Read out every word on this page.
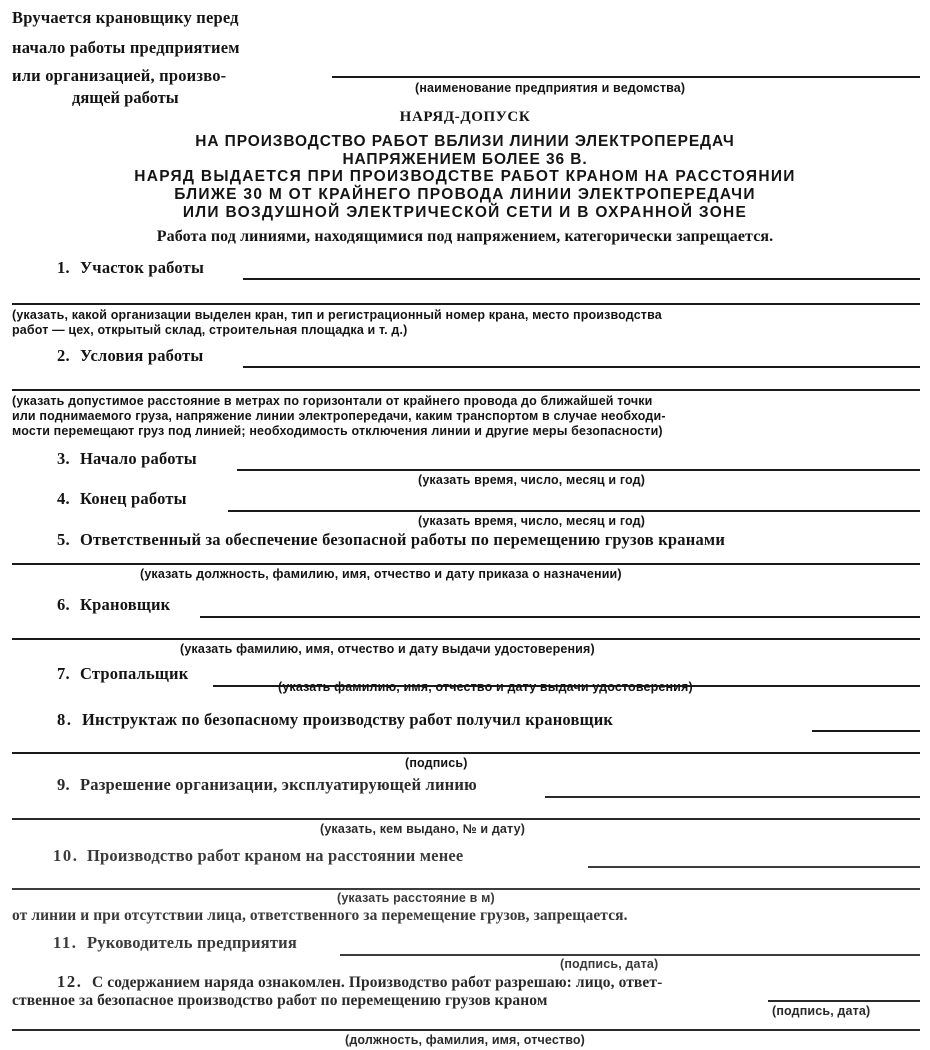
Вручается крановщику перед
начало работы предприятием
или организацией, произво-
дящей работы	(наименование предприятия и ведомства)
НАРЯД-ДОПУСК
НА ПРОИЗВОДСТВО РАБОТ ВБЛИЗИ ЛИНИИ ЭЛЕКТРОПЕРЕДАЧ
НАПРЯЖЕНИЕМ БОЛЕЕ 36 В.
НАРЯД ВЫДАЕТСЯ ПРИ ПРОИЗВОДСТВЕ РАБОТ КРАНОМ НА РАССТОЯНИИ
БЛИЖЕ 30 М ОТ КРАЙНЕГО ПРОВОДА ЛИНИИ ЭЛЕКТРОПЕРЕДАЧИ
ИЛИ ВОЗДУШНОЙ ЭЛЕКТРИЧЕСКОЙ СЕТИ И В ОХРАННОЙ ЗОНЕ
Работа под линиями, находящимися под напряжением, категорически запрещается.
1. Участок работы
(указать, какой организации выделен кран, тип и регистрационный номер крана, место производства
работ — цех, открытый склад, строительная площадка и т. д.)
2. Условия работы
(указать допустимое расстояние в метрах по горизонтали от крайнего провода до ближайшей точки
или поднимаемого груза, напряжение линии электропередачи, каким транспортом в случае необходи-
мости перемещают груз под линией; необходимость отключения линии и другие меры безопасности)
3. Начало работы
(указать время, число, месяц и год)
4. Конец работы
(указать время, число, месяц и год)
5. Ответственный за обеспечение безопасной работы по перемещению грузов кранами
(указать должность, фамилию, имя, отчество и дату приказа о назначении)
6. Крановщик
(указать фамилию, имя, отчество и дату выдачи удостоверения)
7. Стропальщик
(указать фамилию, имя, отчество и дату выдачи удостоверения)
8. Инструктаж по безопасному производству работ получил крановщик
(подпись)
9. Разрешение организации, эксплуатирующей линию
(указать, кем выдано, № и дату)
10. Производство работ краном на расстоянии менее
(указать расстояние в м)
от линии и при отсутствии лица, ответственного за перемещение грузов, запрещается.
11. Руководитель предприятия
(подпись, дата)
12. С содержанием наряда ознакомлен. Производство работ разрешаю: лицо, ответ-
ственное за безопасное производство работ по перемещению грузов краном
(подпись, дата)
(должность, фамилия, имя, отчество)
